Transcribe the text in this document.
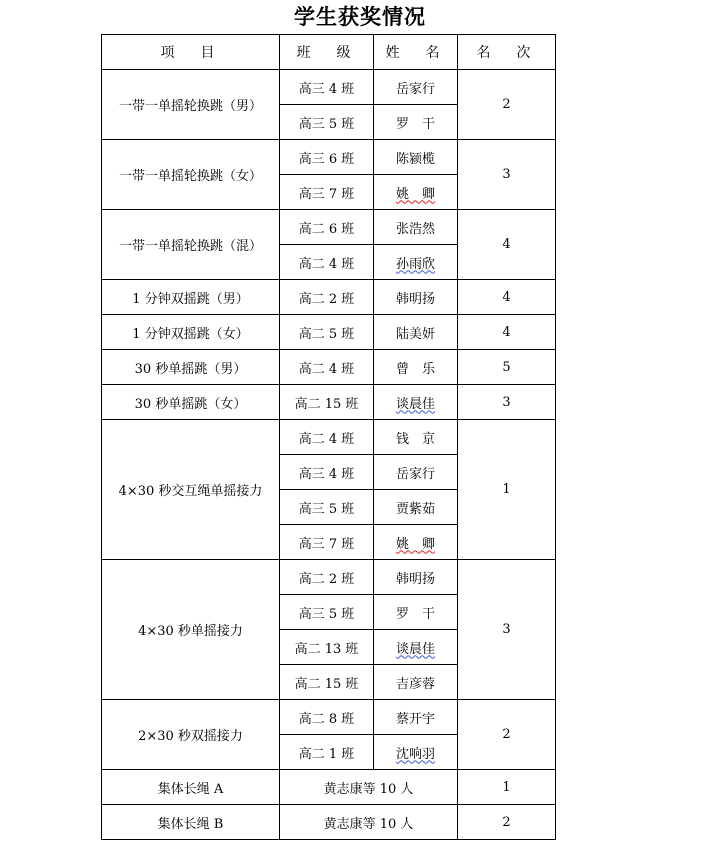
学生获奖情况
项　目	班　级	姓　名	名　次
一带一单摇轮换跳（男）	高三 4 班	岳家行	2
	高三 5 班	罗　干	
一带一单摇轮换跳（女）	高三 6 班	陈颍榄	3
	高三 7 班	姚　卿	
一带一单摇轮换跳（混）	高二 6 班	张浩然	4
	高二 4 班	孙雨欣	
1 分钟双摇跳（男）	高二 2 班	韩明扬	4
1 分钟双摇跳（女）	高二 5 班	陆美妍	4
30 秒单摇跳（男）	高二 4 班	曾　乐	5
30 秒单摇跳（女）	高二 15 班	谈晨佳	3
4×30 秒交互绳单摇接力	高二 4 班	钱　京	1
	高三 4 班	岳家行	
	高三 5 班	贾紫茹	
	高三 7 班	姚　卿	
4×30 秒单摇接力	高二 2 班	韩明扬	3
	高三 5 班	罗　干	
	高二 13 班	谈晨佳	
	高二 15 班	吉彦蓉	
2×30 秒双摇接力	高二 8 班	蔡开宇	2
	高二 1 班	沈响羽	
集体长绳 A	黄志康等 10 人		1
集体长绳 B	黄志康等 10 人		2
